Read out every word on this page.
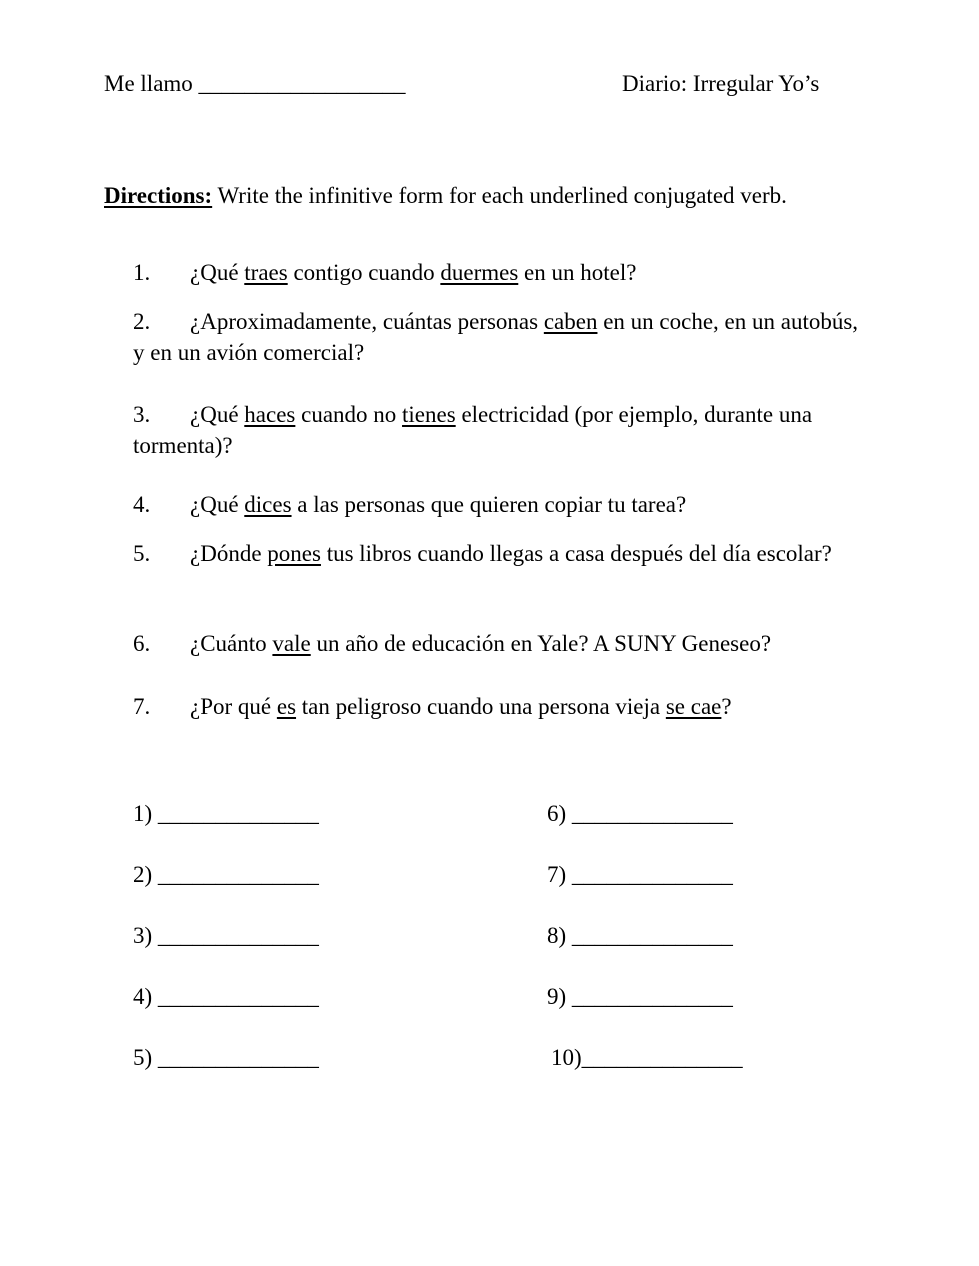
Me llamo __________________	Diario: Irregular Yo’s
Directions: Write the infinitive form for each underlined conjugated verb.
1. ¿Qué traes contigo cuando duermes en un hotel?
2. ¿Aproximadamente, cuántas personas caben en un coche, en un autobús, y en un avión comercial?
3. ¿Qué haces cuando no tienes electricidad (por ejemplo, durante una tormenta)?
4. ¿Qué dices a las personas que quieren copiar tu tarea?
5. ¿Dónde pones tus libros cuando llegas a casa después del día escolar?
6. ¿Cuánto vale un año de educación en Yale? A SUNY Geneseo?
7. ¿Por qué es tan peligroso cuando una persona vieja se cae?
1) ______________
2) ______________
3) ______________
4) ______________
5) ______________
6) ______________
7) ______________
8) ______________
9) ______________
10)______________
